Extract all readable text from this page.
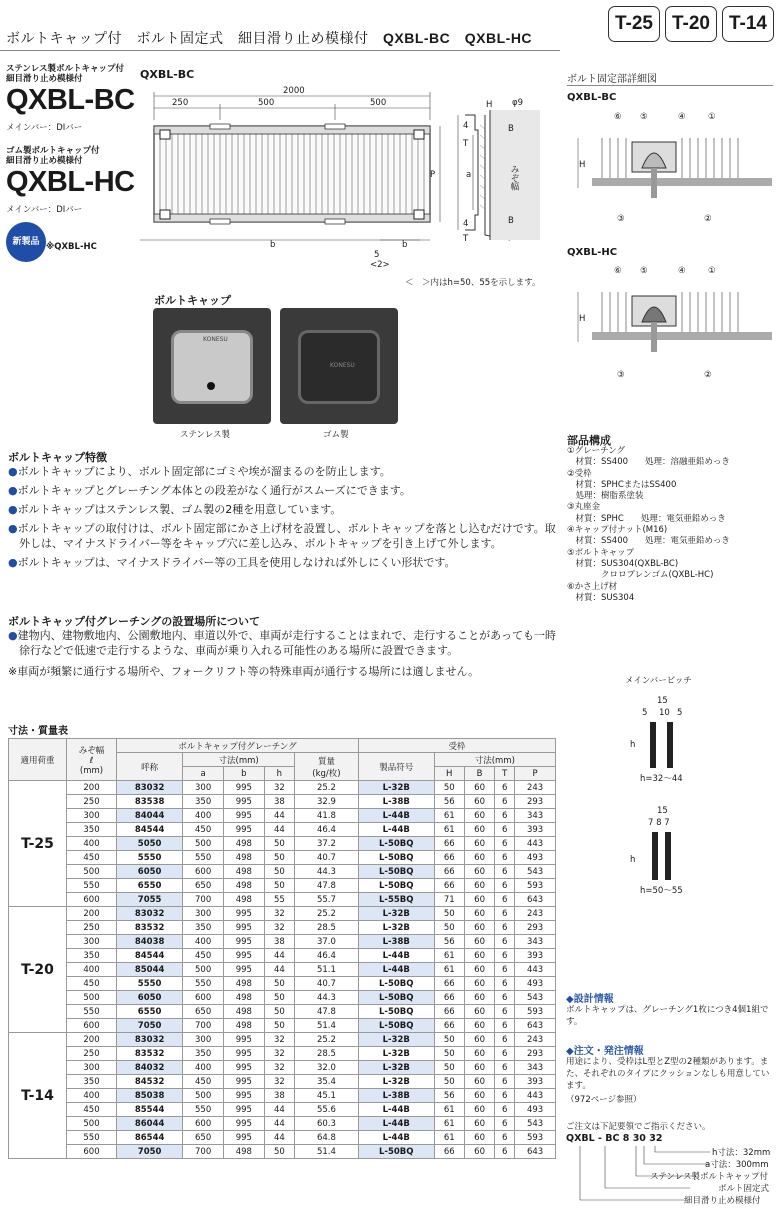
ボルトキャップ付　ボルト固定式　細目滑り止め模様付　 QXBL-BC　QXBL-HC
T-25 T-20 T-14
ステンレス製ボルトキャップ付
細目滑り止め模様付
QXBL-BC
メインバー：DIバー
ゴム製ボルトキャップ付
細目滑り止め模様付
QXBL-HC
メインバー：DIバー
新製品 ※QXBL-HC
QXBL-BC
2000
250	500	500
b	b
P	a	みぞ幅
4
4
T
T
H
B
B
φ9
5
<2>
＜　＞内はh=50、55を示します。
ボルトキャップ
KONESU
KONESU
ステンレス製	ゴム製
ボルト固定部詳細図
QXBL-BC
H
⑥ ⑤	④	①
③	②
QXBL-HC
H
⑥ ⑤	④	①
③	②
部品構成
①グレーチング
　材質：SS400　　処理：溶融亜鉛めっき
②受枠
　材質：SPHCまたはSS400
　処理：樹脂系塗装
③丸座金
　材質：SPHC　　処理：電気亜鉛めっき
④キャップ付ナット(M16)
　材質：SS400　　処理：電気亜鉛めっき
⑤ボルトキャップ
　材質：SUS304(QXBL-BC)
　　　　クロロプレンゴム(QXBL-HC)
⑥かさ上げ材
　材質：SUS304
ボルトキャップ特徴
●ボルトキャップにより、ボルト固定部にゴミや埃が溜まるのを防止します。
●ボルトキャップとグレーチング本体との段差がなく通行がスムーズにできます。
●ボルトキャップはステンレス製、ゴム製の2種を用意しています。
●ボルトキャップの取付けは、ボルト固定部にかさ上げ材を設置し、ボルトキャップを落とし込むだけです。取外しは、マイナスドライバー等をキャップ穴に差し込み、ボルトキャップを引き上げて外します。
●ボルトキャップは、マイナスドライバー等の工具を使用しなければ外しにくい形状です。
ボルトキャップ付グレーチングの設置場所について
●建物内、建物敷地内、公園敷地内、車道以外で、車両が走行することはまれで、走行することがあっても一時徐行などで低速で走行するような、車両が乗り入れる可能性のある場所に設置できます。
※車両が頻繁に通行する場所や、フォークリフト等の特殊車両が通行する場所には適しません。
メインバーピッチ
15
5 10 5
h
h=32～44
15
7 8 7
h
h=50～55
寸法・質量表
適用荷重	みぞ幅
ℓ
(mm)	ボルトキャップ付グレーチング					受枠				
		呼称	寸法(mm)			質量
(kg/枚)	製品符号	寸法(mm)			
			a	b	h			H	B	T	P
T-25	200	83032	300	995	32	25.2	L-32B	50	60	6	243
	250	83538	350	995	38	32.9	L-38B	56	60	6	293
	300	84044	400	995	44	41.8	L-44B	61	60	6	343
	350	84544	450	995	44	46.4	L-44B	61	60	6	393
	400	5050	500	498	50	37.2	L-50BQ	66	60	6	443
	450	5550	550	498	50	40.7	L-50BQ	66	60	6	493
	500	6050	600	498	50	44.3	L-50BQ	66	60	6	543
	550	6550	650	498	50	47.8	L-50BQ	66	60	6	593
	600	7055	700	498	55	55.7	L-55BQ	71	60	6	643
T-20	200	83032	300	995	32	25.2	L-32B	50	60	6	243
	250	83532	350	995	32	28.5	L-32B	50	60	6	293
	300	84038	400	995	38	37.0	L-38B	56	60	6	343
	350	84544	450	995	44	46.4	L-44B	61	60	6	393
	400	85044	500	995	44	51.1	L-44B	61	60	6	443
	450	5550	550	498	50	40.7	L-50BQ	66	60	6	493
	500	6050	600	498	50	44.3	L-50BQ	66	60	6	543
	550	6550	650	498	50	47.8	L-50BQ	66	60	6	593
	600	7050	700	498	50	51.4	L-50BQ	66	60	6	643
T-14	200	83032	300	995	32	25.2	L-32B	50	60	6	243
	250	83532	350	995	32	28.5	L-32B	50	60	6	293
	300	84032	400	995	32	32.0	L-32B	50	60	6	343
	350	84532	450	995	32	35.4	L-32B	50	60	6	393
	400	85038	500	995	38	45.1	L-38B	56	60	6	443
	450	85544	550	995	44	55.6	L-44B	61	60	6	493
	500	86044	600	995	44	60.3	L-44B	61	60	6	543
	550	86544	650	995	44	64.8	L-44B	61	60	6	593
	600	7050	700	498	50	51.4	L-50BQ	66	60	6	643
◆設計情報
ボルトキャップは、グレーチング1枚につき4個1組です。
◆注文・発注情報
用途により、受枠はL型とZ型の2種類があります。また、それぞれのタイプにクッションなしも用意しています。
（972ページ参照）
ご注文は下記要領でご指示ください。
QXBL - BC 8 30 32
h寸法：32mm
a寸法：300mm
ステンレス製ボルトキャップ付
ボルト固定式
細目滑り止め模様付
